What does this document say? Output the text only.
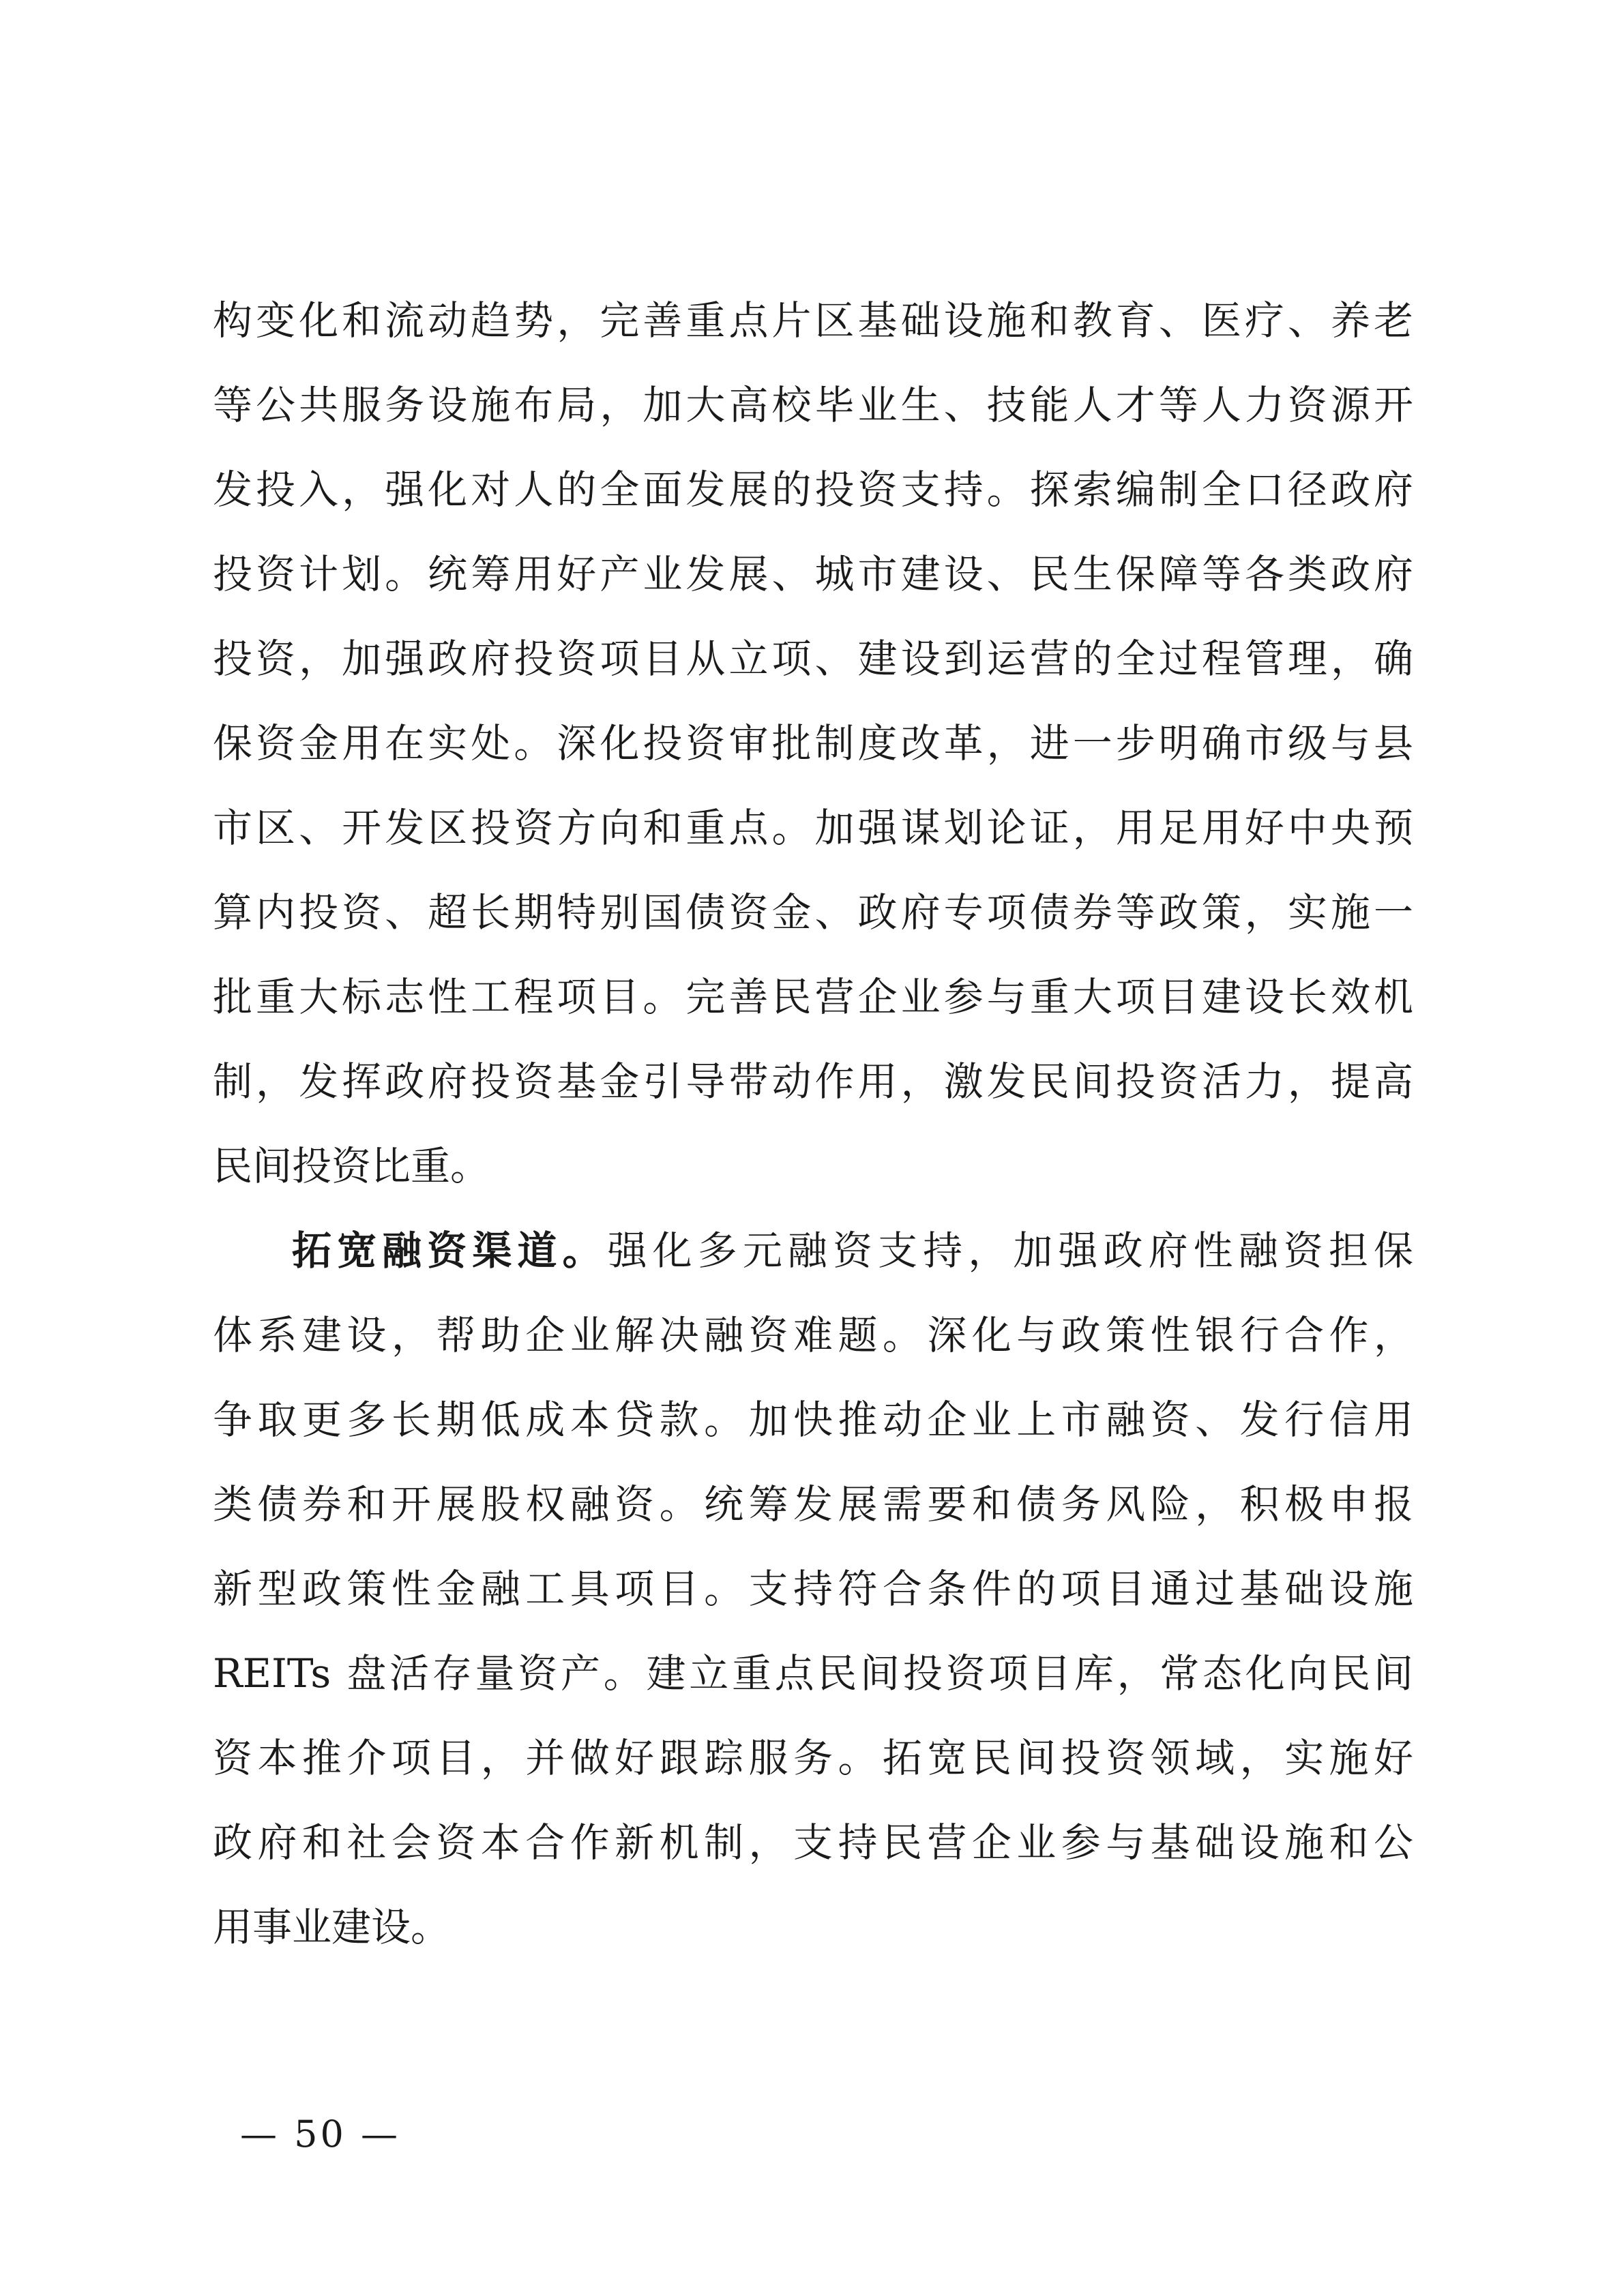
构变化和流动趋势，完善重点片区基础设施和教育、医疗、养老
等公共服务设施布局，加大高校毕业生、技能人才等人力资源开
发投入，强化对人的全面发展的投资支持。探索编制全口径政府
投资计划。统筹用好产业发展、城市建设、民生保障等各类政府
投资，加强政府投资项目从立项、建设到运营的全过程管理，确
保资金用在实处。深化投资审批制度改革，进一步明确市级与县
市区、开发区投资方向和重点。加强谋划论证，用足用好中央预
算内投资、超长期特别国债资金、政府专项债券等政策，实施一
批重大标志性工程项目。完善民营企业参与重大项目建设长效机
制，发挥政府投资基金引导带动作用，激发民间投资活力，提高
民间投资比重。
拓宽融资渠道。强化多元融资支持，加强政府性融资担保
体系建设，帮助企业解决融资难题。深化与政策性银行合作，
争取更多长期低成本贷款。加快推动企业上市融资、发行信用
类债券和开展股权融资。统筹发展需要和债务风险，积极申报
新型政策性金融工具项目。支持符合条件的项目通过基础设施
REITs 盘活存量资产。建立重点民间投资项目库，常态化向民间
资本推介项目，并做好跟踪服务。拓宽民间投资领域，实施好
政府和社会资本合作新机制，支持民营企业参与基础设施和公
用事业建设。
— 50 —
